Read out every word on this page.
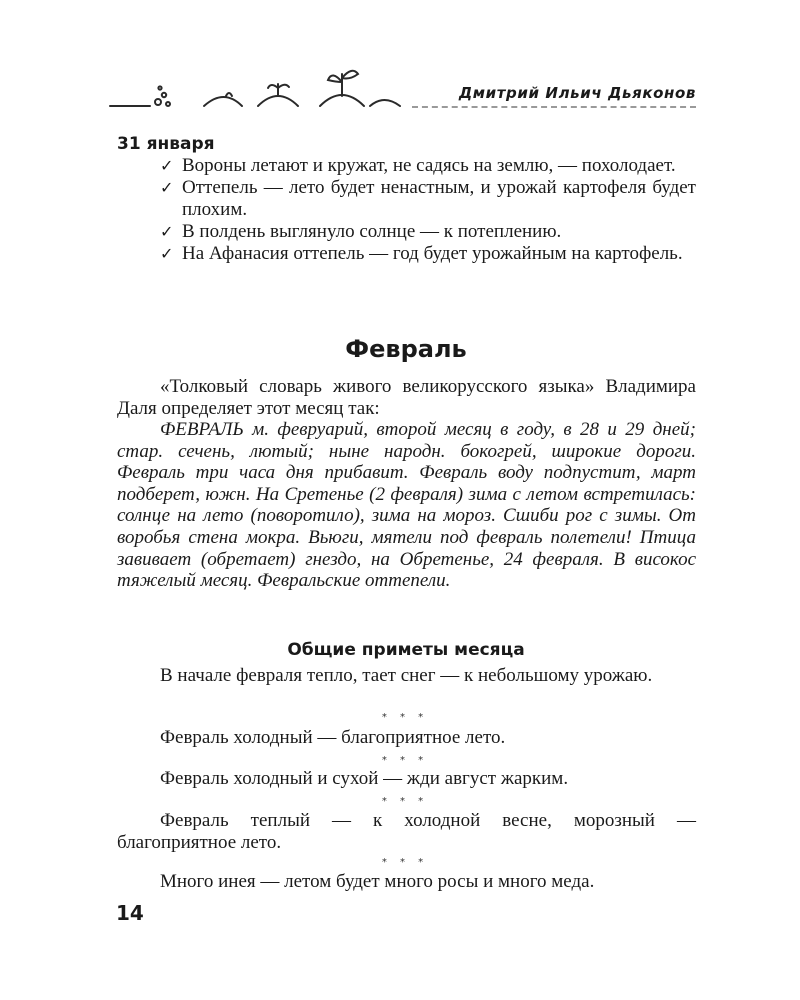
Дмитрий Ильич Дьяконов
31 января
✓ Вороны летают и кружат, не садясь на землю, — похолодает.
✓ Оттепель — лето будет ненастным, и урожай картофеля будет плохим.
✓ В полдень выглянуло солнце — к потеплению.
✓ На Афанасия оттепель — год будет урожайным на картофель.
Февраль

«Толковый словарь живого великорусского языка» Владимира Даля определяет этот месяц так:

ФЕВРАЛЬ м. февруарий, второй месяц в году, в 28 и 29 дней; стар. сечень, лютый; ныне народн. бокогрей, широкие дороги. Февраль три часа дня прибавит. Февраль воду подпустит, март подберет, южн. На Сретенье (2 февраля) зима с летом встретилась: солнце на лето (поворотило), зима на мороз. Сшиби рог с зимы. От воробья стена мокра. Вьюги, мятели под февраль полетели! Птица завивает (обретает) гнездо, на Обретенье, 24 февраля. В високос тяжелый месяц. Февральские оттепели.

Общие приметы месяца

В начале февраля тепло, тает снег — к небольшому урожаю.

* * *

Февраль холодный — благоприятное лето.

* * *

Февраль холодный и сухой — жди август жарким.

* * *

Февраль теплый — к холодной весне, морозный — благоприятное лето.

* * *

Много инея — летом будет много росы и много меда.

14
